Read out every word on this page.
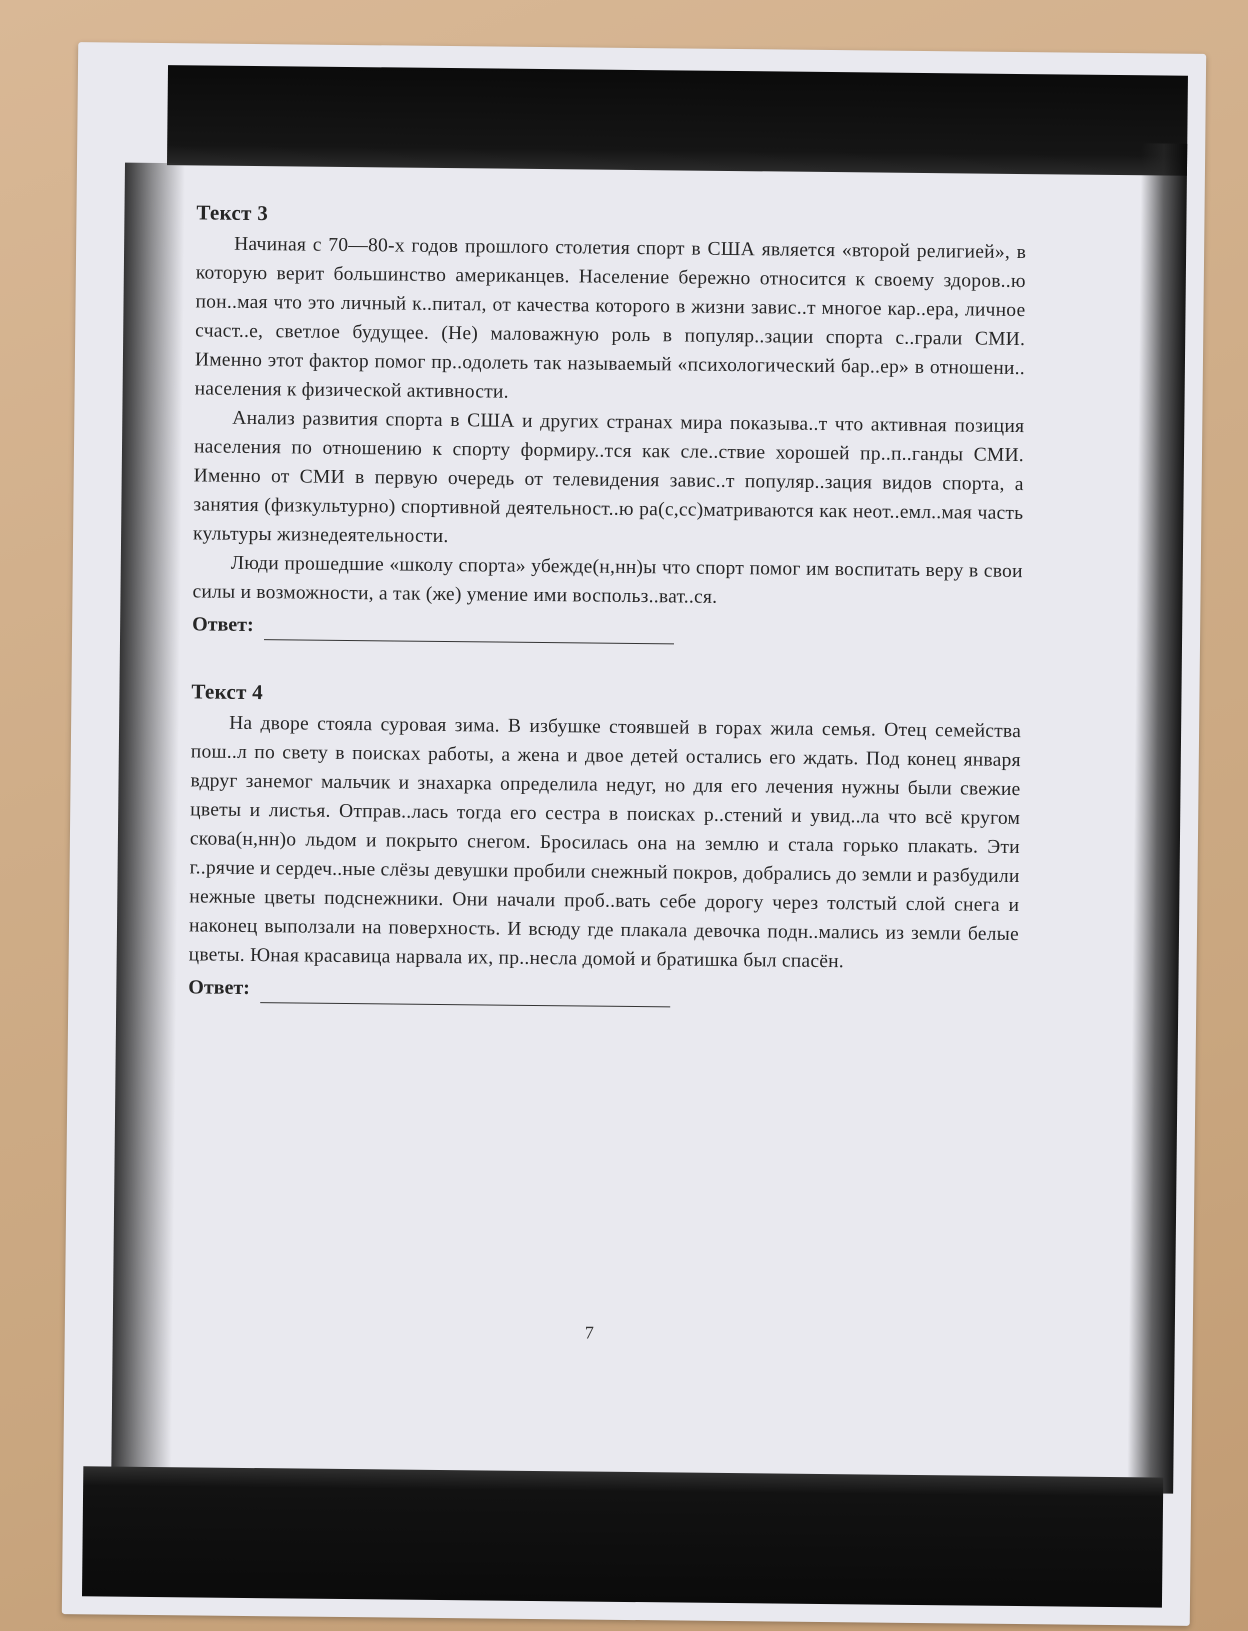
Текст 3

Начиная с 70—80-х годов прошлого столетия спорт в США является «второй религией», в которую верит большинство американцев. Население бережно относится к своему здоров..ю пон..мая что это личный к..питал, от качества которого в жизни завис..т многое кар..ера, личное счаст..е, светлое будущее. (Не) маловажную роль в популяр..зации спорта с..грали СМИ. Именно этот фактор помог пр..одолеть так называемый «психологический бар..ер» в отношени.. населения к физической активности.

Анализ развития спорта в США и других странах мира показыва..т что активная позиция населения по отношению к спорту формиру..тся как сле..ствие хорошей пр..п..ганды СМИ. Именно от СМИ в первую очередь от телевидения завис..т популяр..зация видов спорта, а занятия (физкультурно) спортивной деятельност..ю ра(с,сс)матриваются как неот..емл..мая часть культуры жизнедеятельности.

Люди прошедшие «школу спорта» убежде(н,нн)ы что спорт помог им воспитать веру в свои силы и возможности, а так (же) умение ими воспольз..ват..ся.

Ответ:

Текст 4

На дворе стояла суровая зима. В избушке стоявшей в горах жила семья. Отец семейства пош..л по свету в поисках работы, а жена и двое детей остались его ждать. Под конец января вдруг занемог мальчик и знахарка определила недуг, но для его лечения нужны были свежие цветы и листья. Отправ..лась тогда его сестра в поисках р..стений и увид..ла что всё кругом скова(н,нн)о льдом и покрыто снегом. Бросилась она на землю и стала горько плакать. Эти г..рячие и сердеч..ные слёзы девушки пробили снежный покров, добрались до земли и разбудили нежные цветы подснежники. Они начали проб..вать себе дорогу через толстый слой снега и наконец выползали на поверхность. И всюду где плакала девочка подн..мались из земли белые цветы. Юная красавица нарвала их, пр..несла домой и братишка был спасён.

Ответ:
7
